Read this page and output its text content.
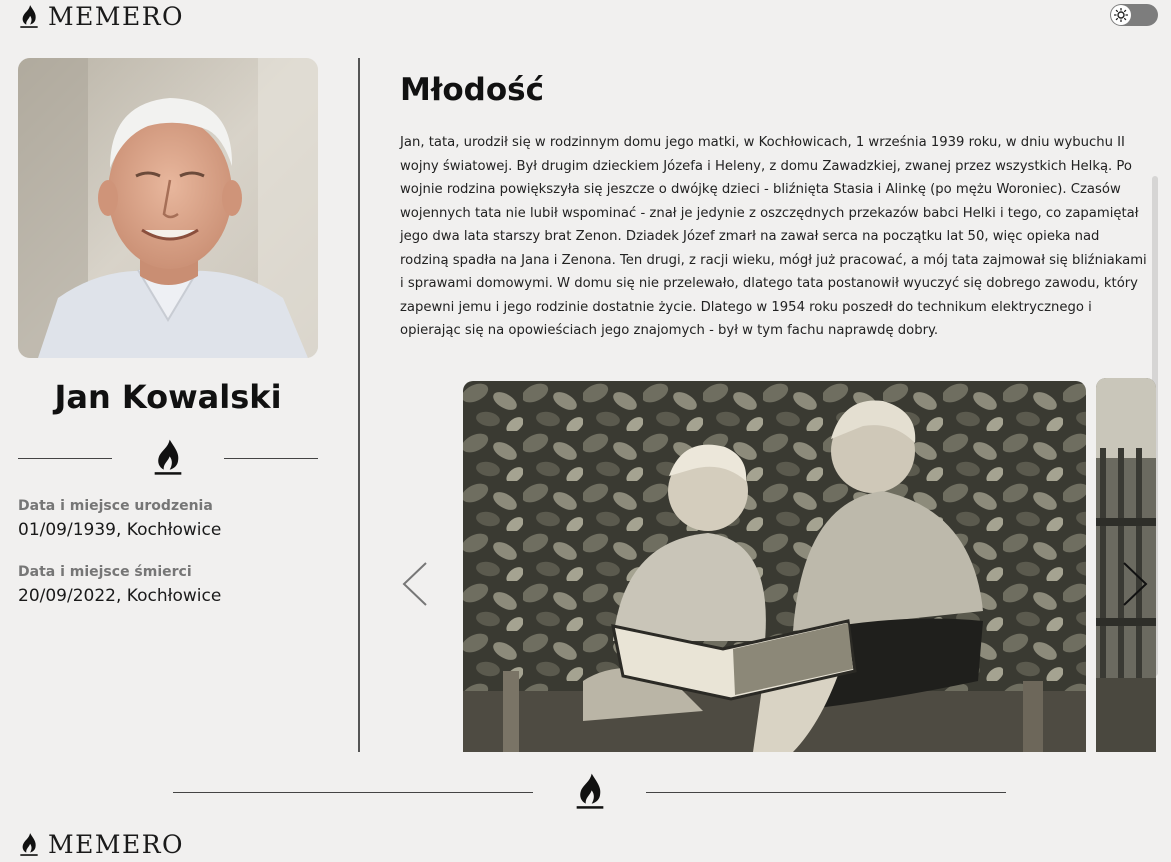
MEMERO
Jan Kowalski
Data i miejsce urodzenia
01/09/1939, Kochłowice
Data i miejsce śmierci
20/09/2022, Kochłowice
Młodość

Jan, tata, urodził się w rodzinnym domu jego matki, w Kochłowicach, 1 września 1939 roku, w dniu wybuchu II wojny światowej. Był drugim dzieckiem Józefa i Heleny, z domu Zawadzkiej, zwanej przez wszystkich Helką. Po wojnie rodzina powiększyła się jeszcze o dwójkę dzieci - bliźnięta Stasia i Alinkę (po mężu Woroniec). Czasów wojennych tata nie lubił wspominać - znał je jedynie z oszczędnych przekazów babci Helki i tego, co zapamiętał jego dwa lata starszy brat Zenon. Dziadek Józef zmarł na zawał serca na początku lat 50, więc opieka nad rodziną spadła na Jana i Zenona. Ten drugi, z racji wieku, mógł już pracować, a mój tata zajmował się bliźniakami i sprawami domowymi. W domu się nie przelewało, dlatego tata postanowił wyuczyć się dobrego zawodu, który zapewni jemu i jego rodzinie dostatnie życie. Dlatego w 1954 roku poszedł do technikum elektrycznego i opierając się na opowieściach jego znajomych - był w tym fachu naprawdę dobry.

MEMERO
